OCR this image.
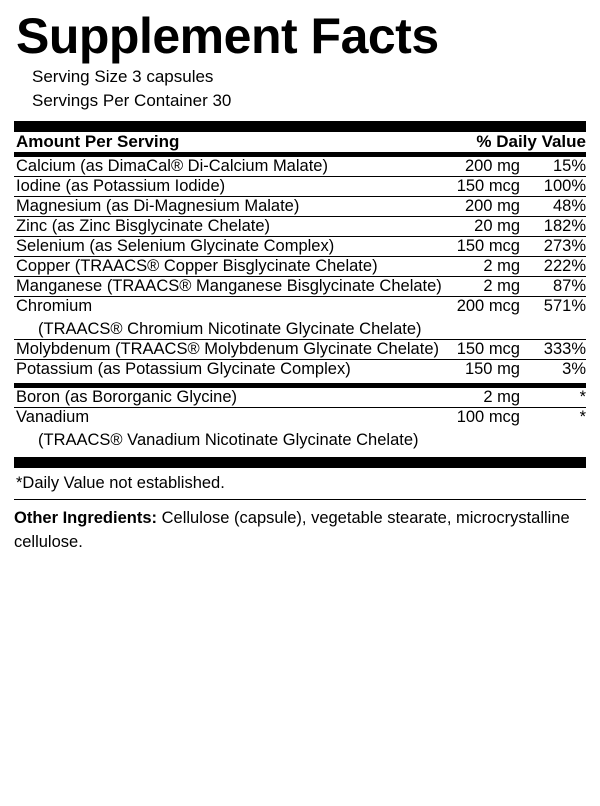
Supplement Facts
Serving Size 3 capsules
Servings Per Container 30
Amount Per Serving	% Daily Value
Calcium (as DimaCal® Di-Calcium Malate)	200 mg	15%
Iodine (as Potassium Iodide)	150 mcg	100%
Magnesium (as Di-Magnesium Malate)	200 mg	48%
Zinc (as Zinc Bisglycinate Chelate)	20 mg	182%
Selenium (as Selenium Glycinate Complex)	150 mcg	273%
Copper (TRAACS® Copper Bisglycinate Chelate)	2 mg	222%
Manganese (TRAACS® Manganese Bisglycinate Chelate)	2 mg	87%
Chromium
(TRAACS® Chromium Nicotinate Glycinate Chelate)	200 mcg	571%
Molybdenum (TRAACS® Molybdenum Glycinate Chelate)	150 mcg	333%
Potassium (as Potassium Glycinate Complex)	150 mg	3%
Boron (as Bororganic Glycine)	2 mg	*
Vanadium
(TRAACS® Vanadium Nicotinate Glycinate Chelate)	100 mcg	*
*Daily Value not established.
Other Ingredients: Cellulose (capsule), vegetable stearate, microcrystalline cellulose.
